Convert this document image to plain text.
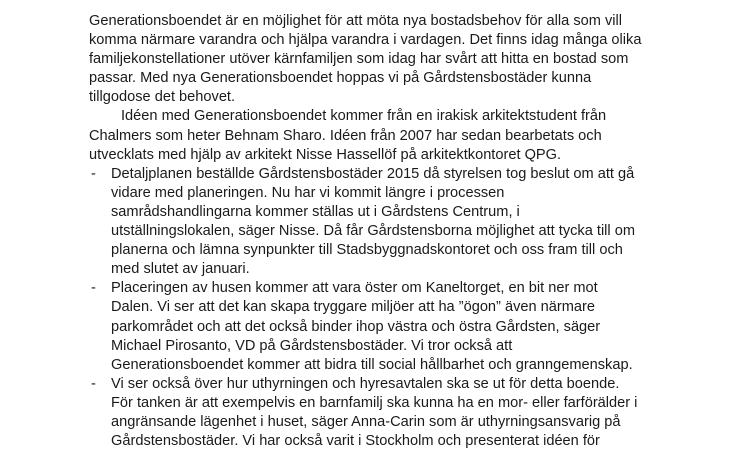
Generationsboendet är en möjlighet för att möta nya bostadsbehov för alla som vill
komma närmare varandra och hjälpa varandra i vardagen. Det finns idag många olika
familjekonstellationer utöver kärnfamiljen som idag har svårt att hitta en bostad som
passar. Med nya Generationsboendet hoppas vi på Gårdstensbostäder kunna
tillgodose det behovet.

Idéen med Generationsboendet kommer från en irakisk arkitektstudent från
Chalmers som heter Behnam Sharo. Idéen från 2007 har sedan bearbetats och
utvecklats med hjälp av arkitekt Nisse Hassellöf på arkitektkontoret QPG.

- Detaljplanen beställde Gårdstensbostäder 2015 då styrelsen tog beslut om att gå
vidare med planeringen. Nu har vi kommit längre i processen
samrådshandlingarna kommer ställas ut i Gårdstens Centrum, i
utställningslokalen, säger Nisse. Då får Gårdstensborna möjlighet att tycka till om
planerna och lämna synpunkter till Stadsbyggnadskontoret och oss fram till och
med slutet av januari.
- Placeringen av husen kommer att vara öster om Kaneltorget, en bit ner mot
Dalen. Vi ser att det kan skapa tryggare miljöer att ha ”ögon” även närmare
parkområdet och att det också binder ihop västra och östra Gårdsten, säger
Michael Pirosanto, VD på Gårdstensbostäder. Vi tror också att
Generationsboendet kommer att bidra till social hållbarhet och granngemenskap.
- Vi ser också över hur uthyrningen och hyresavtalen ska se ut för detta boende.
För tanken är att exempelvis en barnfamilj ska kunna ha en mor- eller farförälder i
angränsande lägenhet i huset, säger Anna-Carin som är uthyrningsansvarig på
Gårdstensbostäder. Vi har också varit i Stockholm och presenterat idéen för
